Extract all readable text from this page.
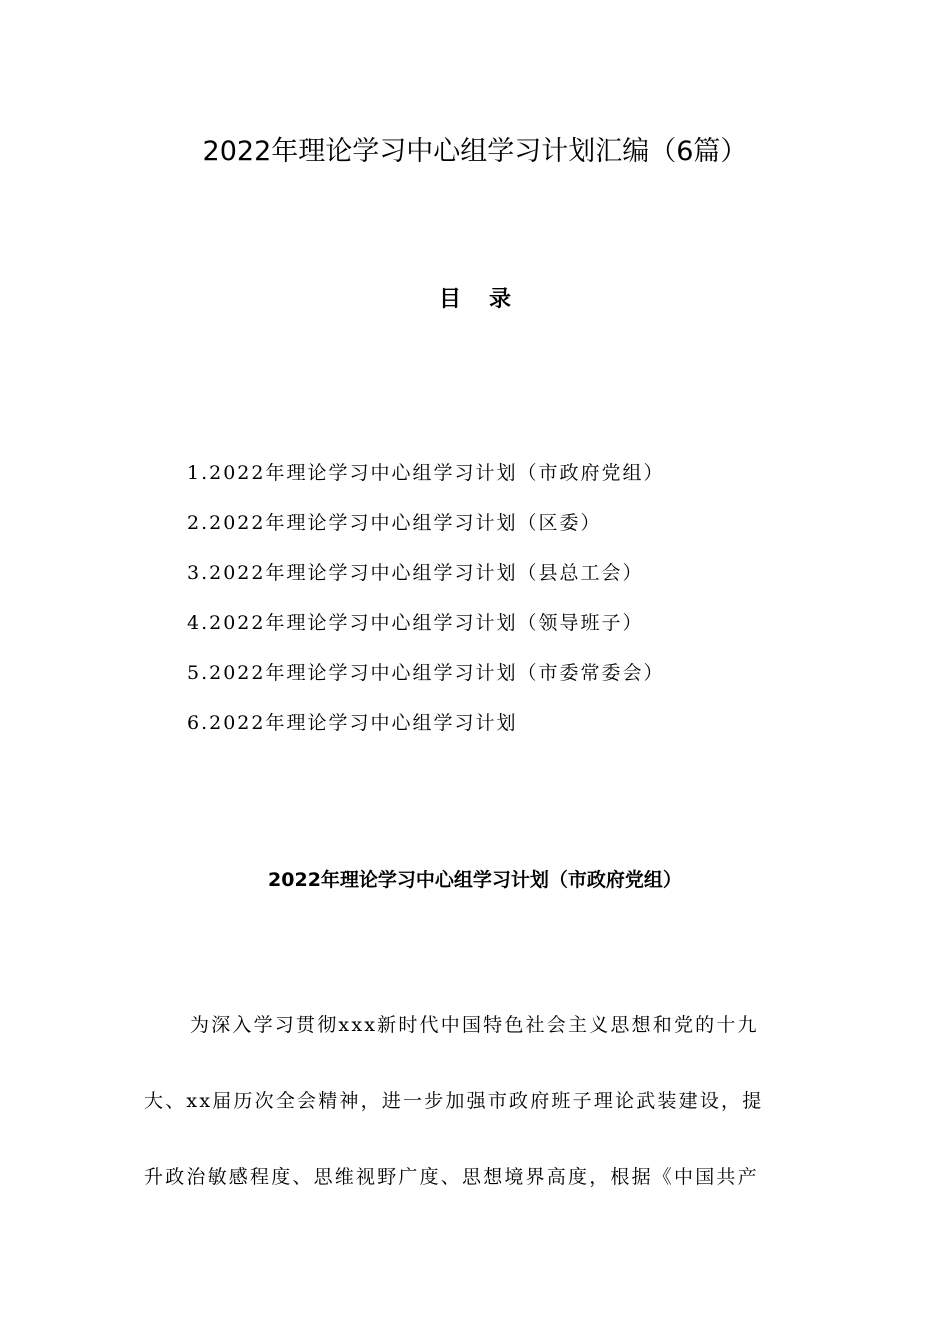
2022年理论学习中心组学习计划汇编（6篇）
目录
1.2022年理论学习中心组学习计划（市政府党组）
2.2022年理论学习中心组学习计划（区委）
3.2022年理论学习中心组学习计划（县总工会）
4.2022年理论学习中心组学习计划（领导班子）
5.2022年理论学习中心组学习计划（市委常委会）
6.2022年理论学习中心组学习计划
2022年理论学习中心组学习计划（市政府党组）
为深入学习贯彻xxx新时代中国特色社会主义思想和党的十九
大、xx届历次全会精神，进一步加强市政府班子理论武装建设，提
升政治敏感程度、思维视野广度、思想境界高度，根据《中国共产
